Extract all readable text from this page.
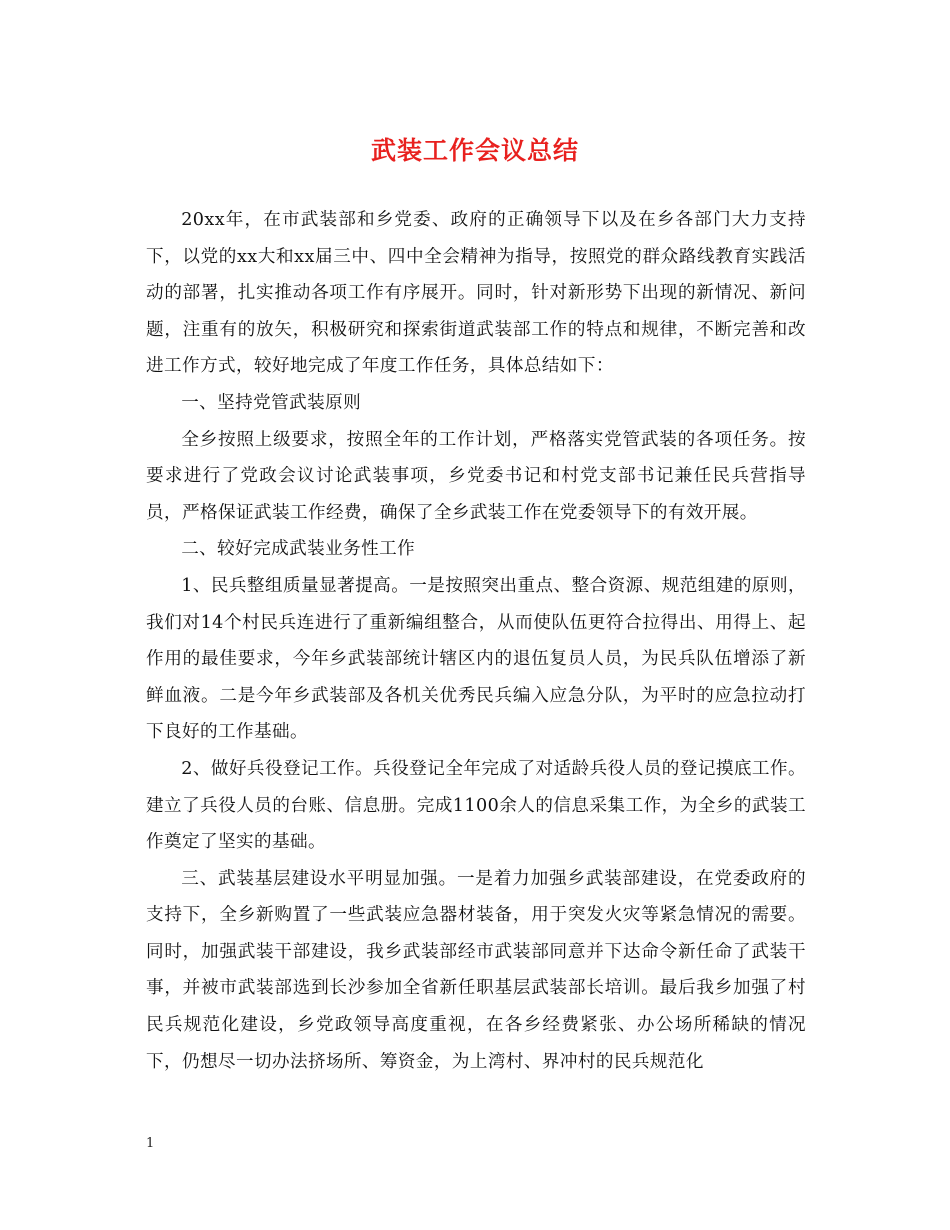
武装工作会议总结

20xx年，在市武装部和乡党委、政府的正确领导下以及在乡各部门大力支持下，以党的xx大和xx届三中、四中全会精神为指导，按照党的群众路线教育实践活动的部署，扎实推动各项工作有序展开。同时，针对新形势下出现的新情况、新问题，注重有的放矢，积极研究和探索街道武装部工作的特点和规律，不断完善和改进工作方式，较好地完成了年度工作任务，具体总结如下：

一、坚持党管武装原则

全乡按照上级要求，按照全年的工作计划，严格落实党管武装的各项任务。按要求进行了党政会议讨论武装事项，乡党委书记和村党支部书记兼任民兵营指导员，严格保证武装工作经费，确保了全乡武装工作在党委领导下的有效开展。

二、较好完成武装业务性工作

1、民兵整组质量显著提高。一是按照突出重点、整合资源、规范组建的原则，我们对14个村民兵连进行了重新编组整合，从而使队伍更符合拉得出、用得上、起作用的最佳要求，今年乡武装部统计辖区内的退伍复员人员，为民兵队伍增添了新鲜血液。二是今年乡武装部及各机关优秀民兵编入应急分队，为平时的应急拉动打下良好的工作基础。

2、做好兵役登记工作。兵役登记全年完成了对适龄兵役人员的登记摸底工作。建立了兵役人员的台账、信息册。完成1100余人的信息采集工作，为全乡的武装工作奠定了坚实的基础。

三、武装基层建设水平明显加强。一是着力加强乡武装部建设，在党委政府的支持下，全乡新购置了一些武装应急器材装备，用于突发火灾等紧急情况的需要。同时，加强武装干部建设，我乡武装部经市武装部同意并下达命令新任命了武装干事，并被市武装部选到长沙参加全省新任职基层武装部长培训。最后我乡加强了村民兵规范化建设，乡党政领导高度重视，在各乡经费紧张、办公场所稀缺的情况下，仍想尽一切办法挤场所、筹资金，为上湾村、界冲村的民兵规范化

1
